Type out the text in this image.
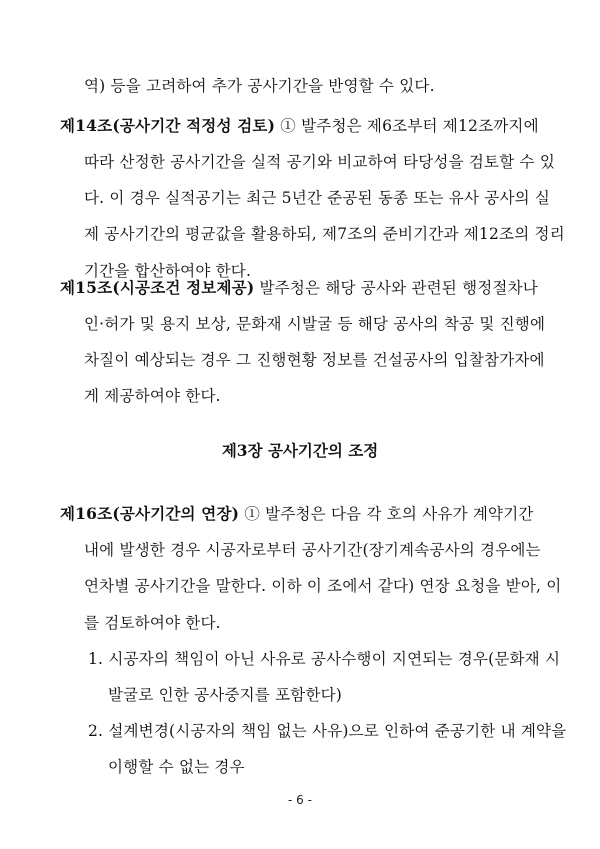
역) 등을 고려하여 추가 공사기간을 반영할 수 있다.
제14조(공사기간 적정성 검토) ① 발주청은 제6조부터 제12조까지에
따라 산정한 공사기간을 실적 공기와 비교하여 타당성을 검토할 수 있
다. 이 경우 실적공기는 최근 5년간 준공된 동종 또는 유사 공사의 실
제 공사기간의 평균값을 활용하되, 제7조의 준비기간과 제12조의 정리
기간을 합산하여야 한다.
제15조(시공조건 정보제공) 발주청은 해당 공사와 관련된 행정절차나
인·허가 및 용지 보상, 문화재 시발굴 등 해당 공사의 착공 및 진행에
차질이 예상되는 경우 그 진행현황 정보를 건설공사의 입찰참가자에
게 제공하여야 한다.
제3장 공사기간의 조정
제16조(공사기간의 연장) ① 발주청은 다음 각 호의 사유가 계약기간
내에 발생한 경우 시공자로부터 공사기간(장기계속공사의 경우에는
연차별 공사기간을 말한다. 이하 이 조에서 같다) 연장 요청을 받아, 이
를 검토하여야 한다.
1. 시공자의 책임이 아닌 사유로 공사수행이 지연되는 경우(문화재 시
발굴로 인한 공사중지를 포함한다)
2. 설계변경(시공자의 책임 없는 사유)으로 인하여 준공기한 내 계약을
이행할 수 없는 경우
- 6 -
